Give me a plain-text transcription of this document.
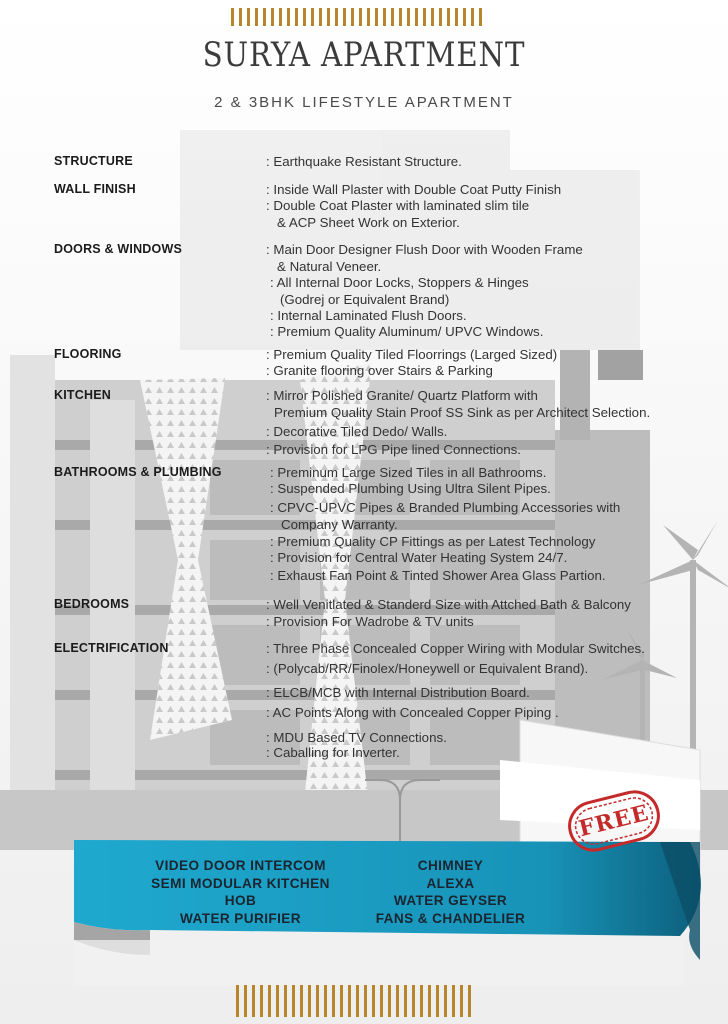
SURYA APARTMENT
2 & 3BHK LIFESTYLE APARTMENT
STRUCTURE	: Earthquake Resistant Structure.
WALL FINISH	: Inside Wall Plaster with Double Coat Putty Finish
: Double Coat Plaster with laminated slim tile
& ACP Sheet Work on Exterior.
DOORS & WINDOWS	: Main Door Designer Flush Door with Wooden Frame
& Natural Veneer.
: All Internal Door Locks, Stoppers & Hinges
(Godrej or Equivalent Brand)
: Internal Laminated Flush Doors.
: Premium Quality Aluminum/ UPVC Windows.
FLOORING	: Premium Quality Tiled Floorrings (Larged Sized)
: Granite flooring over Stairs & Parking
KITCHEN	: Mirror Polished Granite/ Quartz Platform with
Premium Quality Stain Proof SS Sink as per Architect Selection.
: Decorative Tiled Dedo/ Walls.
: Provision for LPG Pipe lined Connections.
BATHROOMS & PLUMBING	: Preminum Large Sized Tiles in all Bathrooms.
: Suspended Plumbing Using Ultra Silent Pipes.
: CPVC-UPVC Pipes & Branded Plumbing Accessories with
Company Warranty.
: Premium Quality CP Fittings as per Latest Technology
: Provision for Central Water Heating System 24/7.
: Exhaust Fan Point & Tinted Shower Area Glass Partion.
BEDROOMS	: Well Venitlated & Standerd Size with Attched Bath & Balcony
: Provision For Wadrobe & TV units
ELECTRIFICATION	: Three Phase Concealed Copper Wiring with Modular Switches.
: (Polycab/RR/Finolex/Honeywell or Equivalent Brand).
: ELCB/MCB with Internal Distribution Board.
: AC Points Along with Concealed Copper Piping .
: MDU Based TV Connections.
: Caballing for Inverter.
FREE
VIDEO DOOR INTERCOM
SEMI MODULAR KITCHEN
HOB
WATER PURIFIER
CHIMNEY
ALEXA
WATER GEYSER
FANS & CHANDELIER
